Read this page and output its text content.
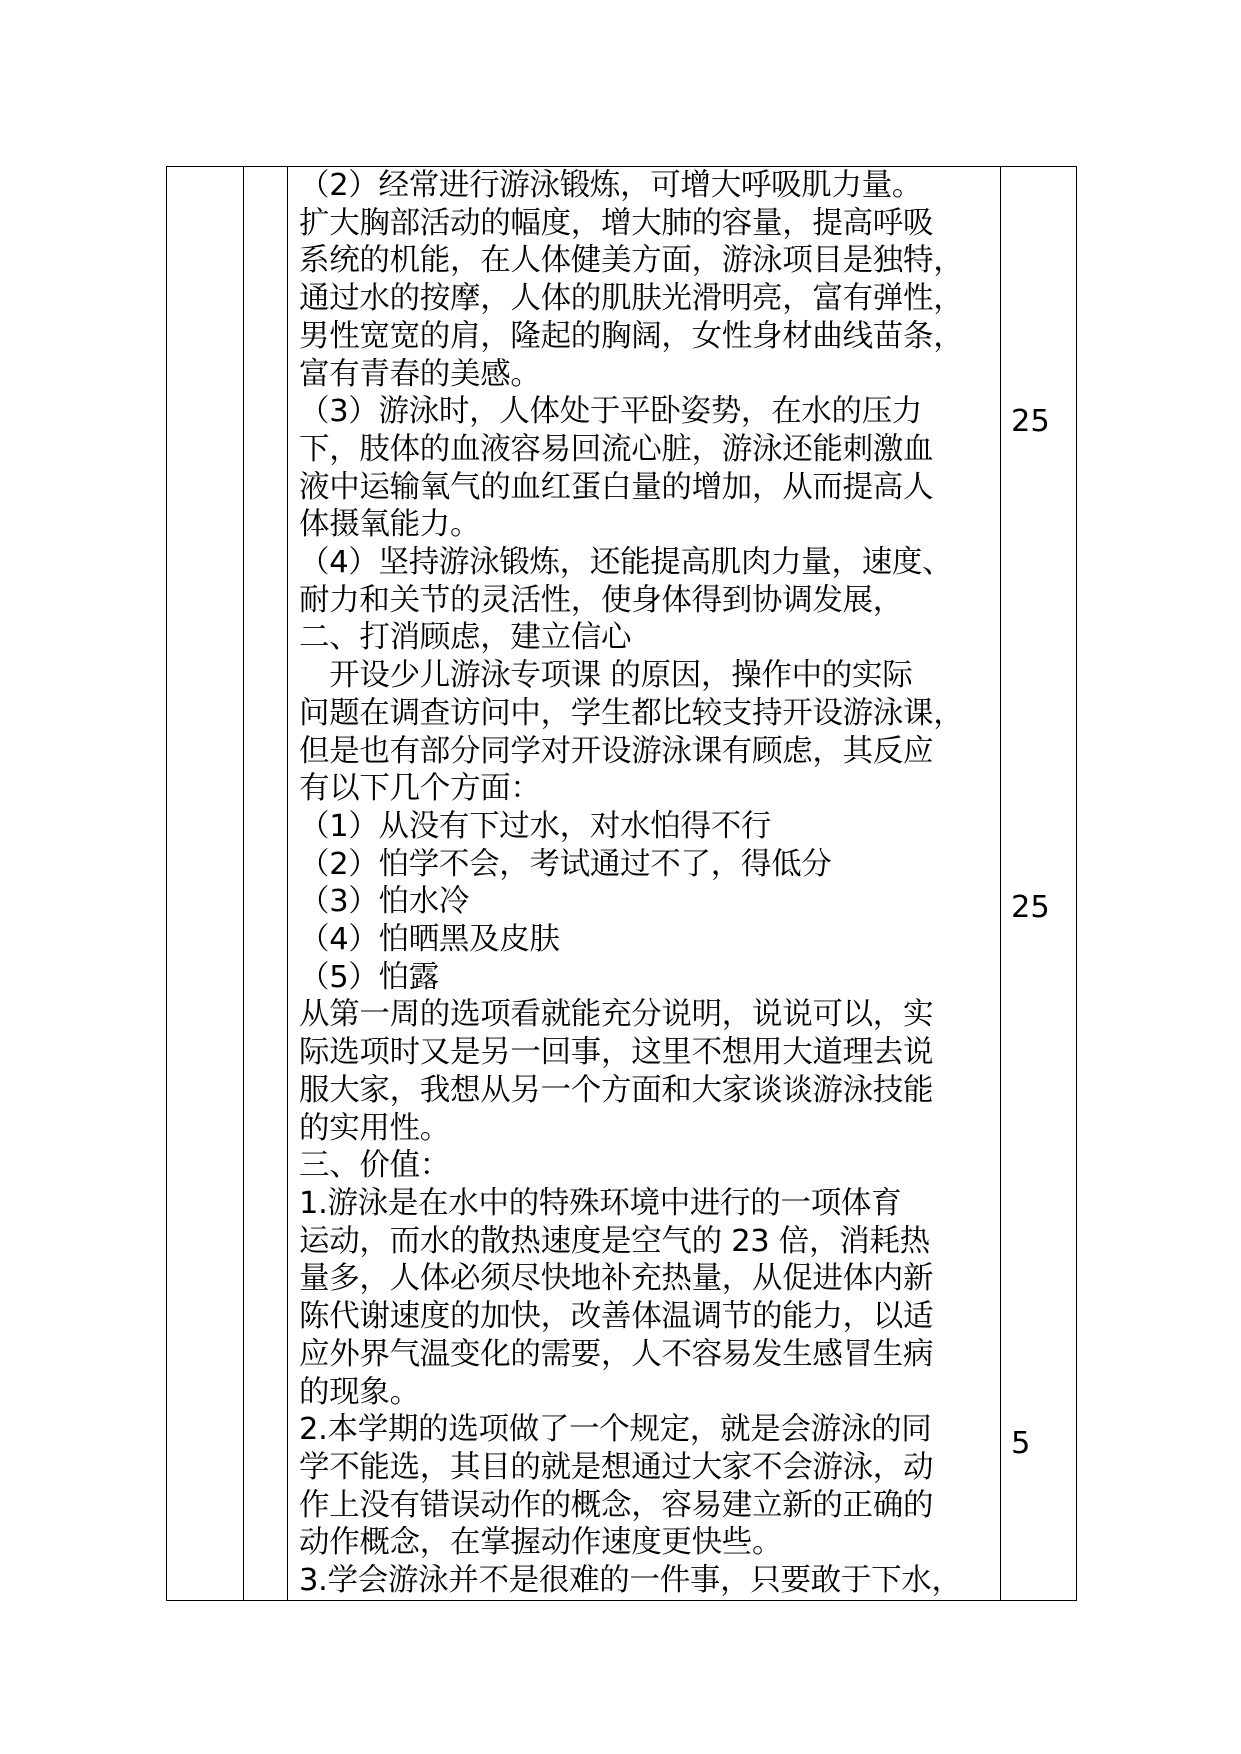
（2）经常进行游泳锻炼，可增大呼吸肌力量。

扩大胸部活动的幅度，增大肺的容量，提高呼吸

系统的机能，在人体健美方面，游泳项目是独特，

通过水的按摩，人体的肌肤光滑明亮，富有弹性，

男性宽宽的肩，隆起的胸阔，女性身材曲线苗条，

富有青春的美感。

（3）游泳时，人体处于平卧姿势，在水的压力

下，肢体的血液容易回流心脏，游泳还能刺激血

液中运输氧气的血红蛋白量的增加，从而提高人

体摄氧能力。

（4）坚持游泳锻炼，还能提高肌肉力量，速度、

耐力和关节的灵活性，使身体得到协调发展，

二、打消顾虑，建立信心

　开设少儿游泳专项课 的原因，操作中的实际

问题在调查访问中，学生都比较支持开设游泳课，

但是也有部分同学对开设游泳课有顾虑，其反应

有以下几个方面：

（1）从没有下过水，对水怕得不行

（2）怕学不会，考试通过不了，得低分

（3）怕水冷

（4）怕晒黑及皮肤

（5）怕露

从第一周的选项看就能充分说明，说说可以，实

际选项时又是另一回事，这里不想用大道理去说

服大家，我想从另一个方面和大家谈谈游泳技能

的实用性。

三、价值：

1.游泳是在水中的特殊环境中进行的一项体育

运动，而水的散热速度是空气的 23 倍，消耗热

量多，人体必须尽快地补充热量，从促进体内新

陈代谢速度的加快，改善体温调节的能力，以适

应外界气温变化的需要，人不容易发生感冒生病

的现象。

2.本学期的选项做了一个规定，就是会游泳的同

学不能选，其目的就是想通过大家不会游泳，动

作上没有错误动作的概念，容易建立新的正确的

动作概念，在掌握动作速度更快些。

3.学会游泳并不是很难的一件事，只要敢于下水，

25
25
5
